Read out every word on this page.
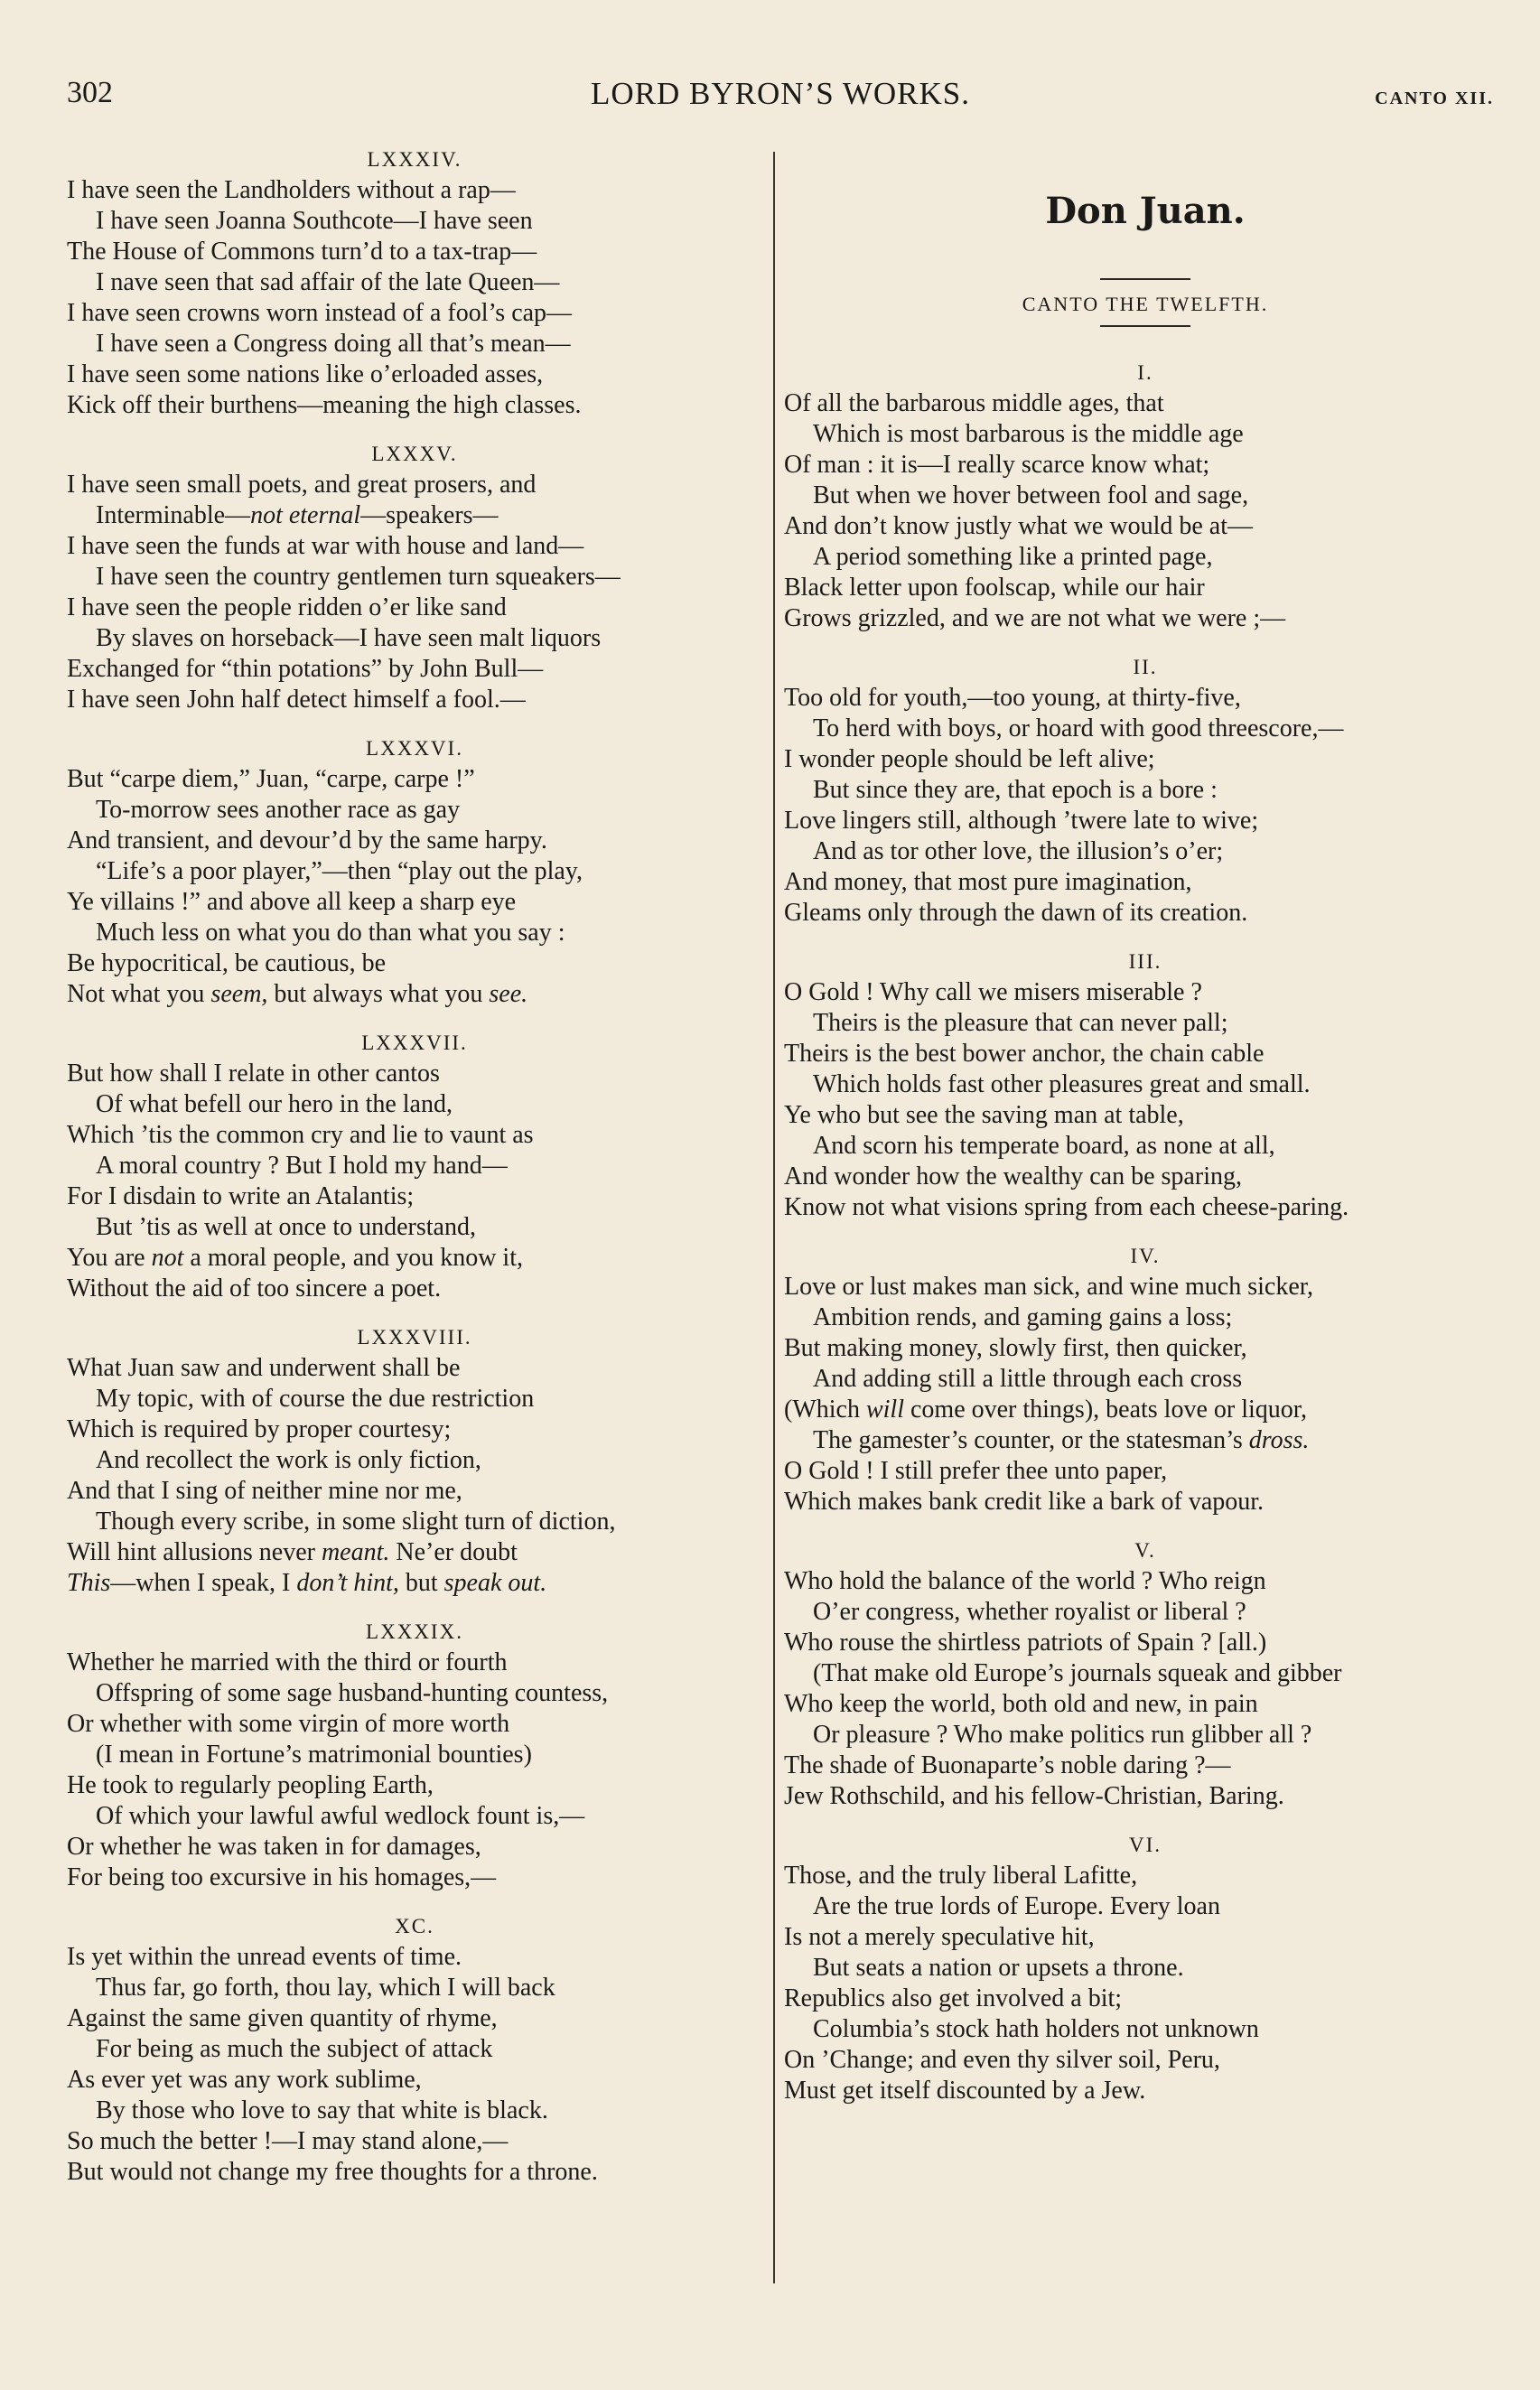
302	LORD BYRON’S WORKS.	CANTO XII.
LXXXIV.
I have seen the Landholders without a rap—
I have seen Joanna Southcote—I have seen
The House of Commons turn’d to a tax-trap—
I nave seen that sad affair of the late Queen—
I have seen crowns worn instead of a fool’s cap—
I have seen a Congress doing all that’s mean—
I have seen some nations like o’erloaded asses,
Kick off their burthens—meaning the high classes.
LXXXV.
I have seen small poets, and great prosers, and
Interminable—not eternal—speakers—
I have seen the funds at war with house and land—
I have seen the country gentlemen turn squeakers—
I have seen the people ridden o’er like sand
By slaves on horseback—I have seen malt liquors
Exchanged for “thin potations” by John Bull—
I have seen John half detect himself a fool.—
LXXXVI.
But “carpe diem,” Juan, “carpe, carpe !”
To-morrow sees another race as gay
And transient, and devour’d by the same harpy.
“Life’s a poor player,”—then “play out the play,
Ye villains !” and above all keep a sharp eye
Much less on what you do than what you say :
Be hypocritical, be cautious, be
Not what you seem, but always what you see.
LXXXVII.
But how shall I relate in other cantos
Of what befell our hero in the land,
Which ’tis the common cry and lie to vaunt as
A moral country ? But I hold my hand—
For I disdain to write an Atalantis;
But ’tis as well at once to understand,
You are not a moral people, and you know it,
Without the aid of too sincere a poet.
LXXXVIII.
What Juan saw and underwent shall be
My topic, with of course the due restriction
Which is required by proper courtesy;
And recollect the work is only fiction,
And that I sing of neither mine nor me,
Though every scribe, in some slight turn of diction,
Will hint allusions never meant. Ne’er doubt
This—when I speak, I don’t hint, but speak out.
LXXXIX.
Whether he married with the third or fourth
Offspring of some sage husband-hunting countess,
Or whether with some virgin of more worth
(I mean in Fortune’s matrimonial bounties)
He took to regularly peopling Earth,
Of which your lawful awful wedlock fount is,—
Or whether he was taken in for damages,
For being too excursive in his homages,—
XC.
Is yet within the unread events of time.
Thus far, go forth, thou lay, which I will back
Against the same given quantity of rhyme,
For being as much the subject of attack
As ever yet was any work sublime,
By those who love to say that white is black.
So much the better !—I may stand alone,—
But would not change my free thoughts for a throne.
Don Juan.
CANTO THE TWELFTH.
I.
Of all the barbarous middle ages, that
Which is most barbarous is the middle age
Of man : it is—I really scarce know what;
But when we hover between fool and sage,
And don’t know justly what we would be at—
A period something like a printed page,
Black letter upon foolscap, while our hair
Grows grizzled, and we are not what we were ;—
II.
Too old for youth,—too young, at thirty-five,
To herd with boys, or hoard with good threescore,—
I wonder people should be left alive;
But since they are, that epoch is a bore :
Love lingers still, although ’twere late to wive;
And as tor other love, the illusion’s o’er;
And money, that most pure imagination,
Gleams only through the dawn of its creation.
III.
O Gold ! Why call we misers miserable ?
Theirs is the pleasure that can never pall;
Theirs is the best bower anchor, the chain cable
Which holds fast other pleasures great and small.
Ye who but see the saving man at table,
And scorn his temperate board, as none at all,
And wonder how the wealthy can be sparing,
Know not what visions spring from each cheese-paring.
IV.
Love or lust makes man sick, and wine much sicker,
Ambition rends, and gaming gains a loss;
But making money, slowly first, then quicker,
And adding still a little through each cross
(Which will come over things), beats love or liquor,
The gamester’s counter, or the statesman’s dross.
O Gold ! I still prefer thee unto paper,
Which makes bank credit like a bark of vapour.
V.
Who hold the balance of the world ? Who reign
O’er congress, whether royalist or liberal ?
Who rouse the shirtless patriots of Spain ? [all.)
(That make old Europe’s journals squeak and gibber
Who keep the world, both old and new, in pain
Or pleasure ? Who make politics run glibber all ?
The shade of Buonaparte’s noble daring ?—
Jew Rothschild, and his fellow-Christian, Baring.
VI.
Those, and the truly liberal Lafitte,
Are the true lords of Europe. Every loan
Is not a merely speculative hit,
But seats a nation or upsets a throne.
Republics also get involved a bit;
Columbia’s stock hath holders not unknown
On ’Change; and even thy silver soil, Peru,
Must get itself discounted by a Jew.
